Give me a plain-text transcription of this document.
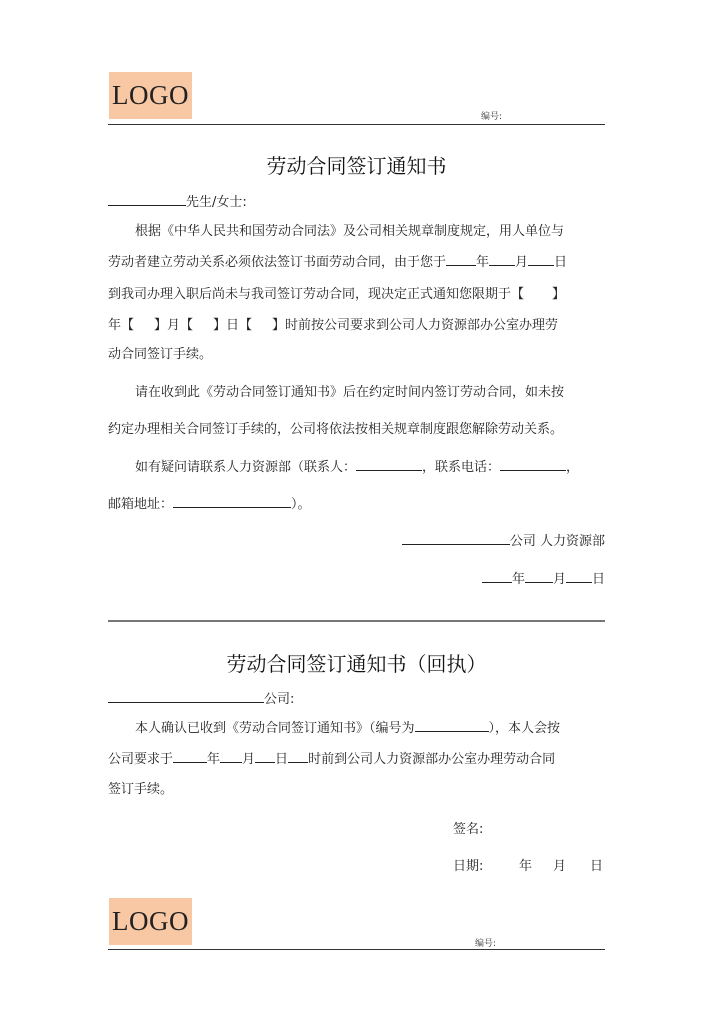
LOGO
编号:
劳动合同签订通知书
先生/女士:
根据《中华人民共和国劳动合同法》及公司相关规章制度规定，用人单位与
劳动者建立劳动关系必须依法签订书面劳动合同，由于您于 年 月 日
到我司办理入职后尚未与我司签订劳动合同，现决定正式通知您限期于【 】
年【 】月【 】日【 】时前按公司要求到公司人力资源部办公室办理劳
动合同签订手续。
请在收到此《劳动合同签订通知书》后在约定时间内签订劳动合同，如未按
约定办理相关合同签订手续的，公司将依法按相关规章制度跟您解除劳动关系。
如有疑问请联系人力资源部（联系人：	，联系电话：	，
邮箱地址：	）。
公司 人力资源部
年 月 日
劳动合同签订通知书（回执）
公司:
本人确认已收到《劳动合同签订通知书》（编号为	），本人会按
公司要求于	年 月 日 时前到公司人力资源部办公室办理劳动合同
签订手续。
签名:
日期:	年 月 日
LOGO
编号:
